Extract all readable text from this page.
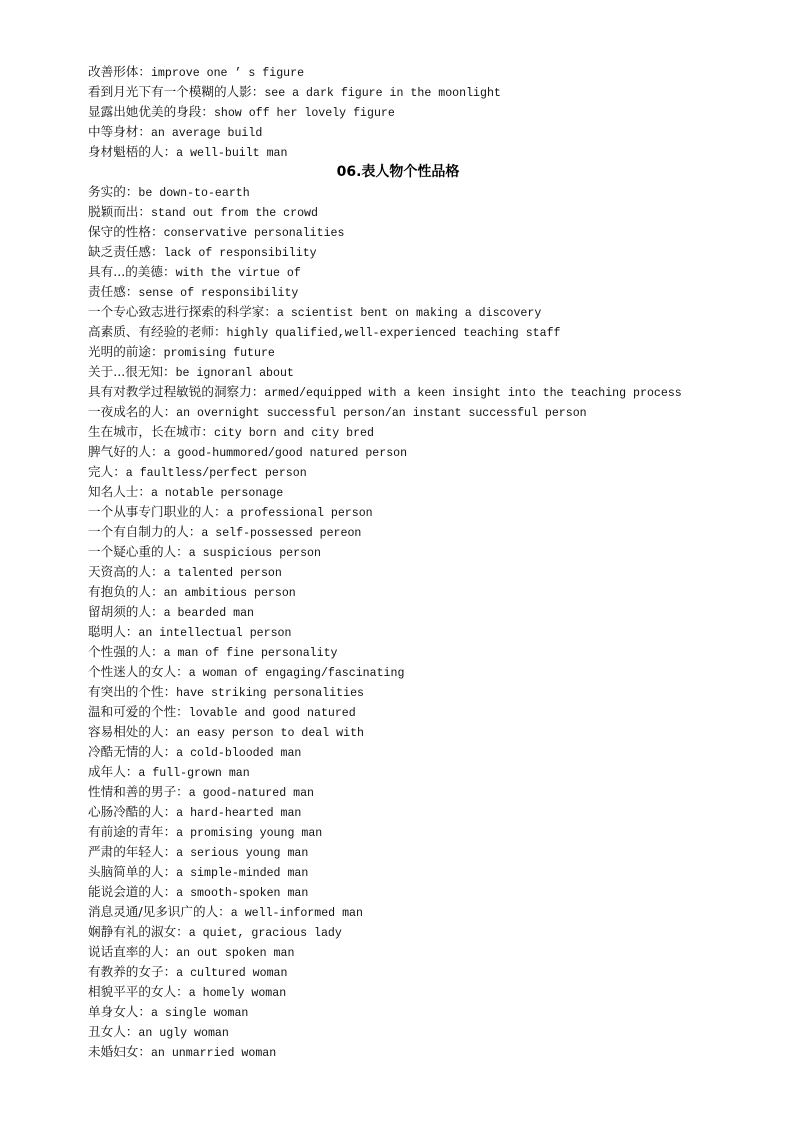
改善形体：improve one ’ s figure
看到月光下有一个模糊的人影：see a dark figure in the moonlight
显露出她优美的身段：show off her lovely figure
中等身材：an average build
身材魁梧的人：a well-built man
06.表人物个性品格
务实的：be down-to-earth
脱颖而出：stand out from the crowd
保守的性格：conservative personalities
缺乏责任感：lack of responsibility
具有...的美德：with the virtue of
责任感：sense of responsibility
一个专心致志进行探索的科学家：a scientist bent on making a discovery
高素质、有经验的老师：highly qualified,well-experienced teaching staff
光明的前途：promising future
关于...很无知：be ignoranl about
具有对教学过程敏锐的洞察力：armed/equipped with a keen insight into the teaching process
一夜成名的人：an overnight successful person/an instant successful person
生在城市，长在城市：city born and city bred
脾气好的人：a good-hummored/good natured person
完人：a faultless/perfect person
知名人士：a notable personage
一个从事专门职业的人：a professional person
一个有自制力的人：a self-possessed pereon
一个疑心重的人：a suspicious person
天资高的人：a talented person
有抱负的人：an ambitious person
留胡须的人：a bearded man
聪明人：an intellectual person
个性强的人：a man of fine personality
个性迷人的女人：a woman of engaging/fascinating
有突出的个性：have striking personalities
温和可爱的个性：lovable and good natured
容易相处的人：an easy person to deal with
冷酷无情的人：a cold-blooded man
成年人：a full-grown man
性情和善的男子：a good-natured man
心肠冷酷的人：a hard-hearted man
有前途的青年：a promising young man
严肃的年轻人：a serious young man
头脑简单的人：a simple-minded man
能说会道的人：a smooth-spoken man
消息灵通/见多识广的人：a well-informed man
娴静有礼的淑女：a quiet, gracious lady
说话直率的人：an out spoken man
有教养的女子：a cultured woman
相貌平平的女人：a homely woman
单身女人：a single woman
丑女人：an ugly woman
未婚妇女：an unmarried woman
